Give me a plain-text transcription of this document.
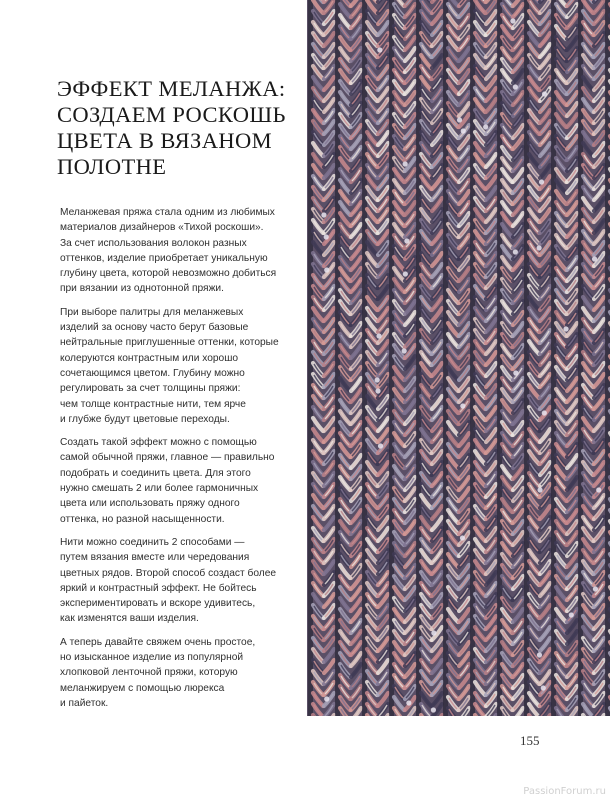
ЭФФЕКТ МЕЛАНЖА:
СОЗДАЕМ РОСКОШЬ
ЦВЕТА В ВЯЗАНОМ
ПОЛОТНЕ

Меланжевая пряжа стала одним из любимых
материалов дизайнеров «Тихой роскоши».
За счет использования волокон разных
оттенков, изделие приобретает уникальную
глубину цвета, которой невозможно добиться
при вязании из однотонной пряжи.

При выборе палитры для меланжевых
изделий за основу часто берут базовые
нейтральные приглушенные оттенки, которые
колеруются контрастным или хорошо
сочетающимся цветом. Глубину можно
регулировать за счет толщины пряжи:
чем толще контрастные нити, тем ярче
и глубже будут цветовые переходы.

Создать такой эффект можно с помощью
самой обычной пряжи, главное — правильно
подобрать и соединить цвета. Для этого
нужно смешать 2 или более гармоничных
цвета или использовать пряжу одного
оттенка, но разной насыщенности.

Нити можно соединить 2 способами —
путем вязания вместе или чередования
цветных рядов. Второй способ создаст более
яркий и контрастный эффект. Не бойтесь
экспериментировать и вскоре удивитесь,
как изменятся ваши изделия.

А теперь давайте свяжем очень простое,
но изысканное изделие из популярной
хлопковой ленточной пряжи, которую
меланжируем с помощью люрекса
и пайеток.

155
PassionForum.ru
